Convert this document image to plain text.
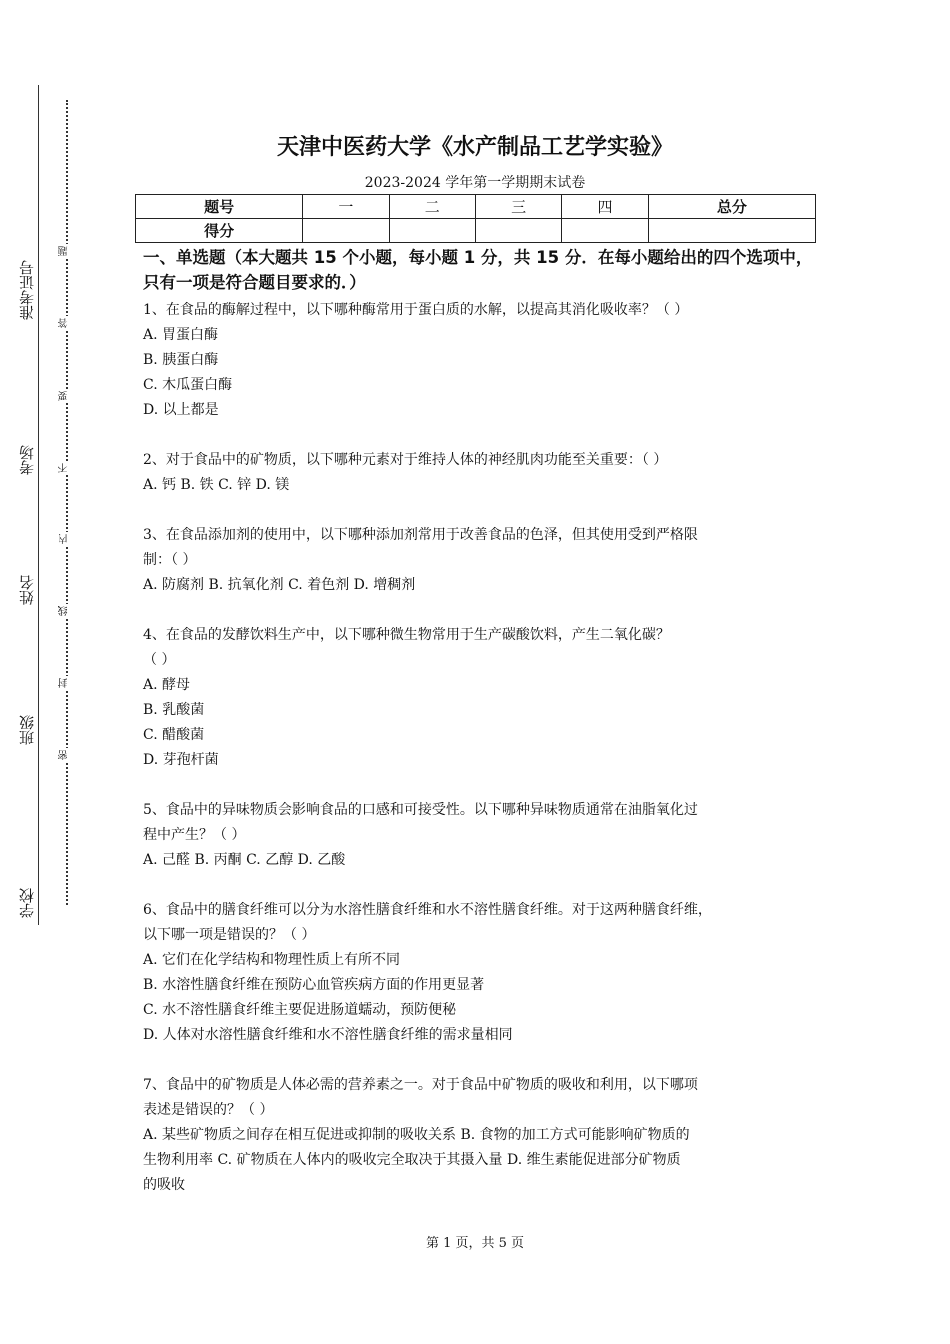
准考证号
考场
姓名
班级
学校
题
答
要
不
内
线
封
密
天津中医药大学《水产制品工艺学实验》
2023-2024 学年第一学期期末试卷
题号	一	二	三	四	总分
得分					
一、单选题（本大题共 15 个小题，每小题 1 分，共 15 分．在每小题给出的四个选项中，只有一项是符合题目要求的．）
1、在食品的酶解过程中，以下哪种酶常用于蛋白质的水解，以提高其消化吸收率？（ ）
A. 胃蛋白酶
B. 胰蛋白酶
C. 木瓜蛋白酶
D. 以上都是
2、对于食品中的矿物质，以下哪种元素对于维持人体的神经肌肉功能至关重要：（ ）
A. 钙 B. 铁 C. 锌 D. 镁
3、在食品添加剂的使用中，以下哪种添加剂常用于改善食品的色泽，但其使用受到严格限
制：（ ）
A. 防腐剂 B. 抗氧化剂 C. 着色剂 D. 增稠剂
4、在食品的发酵饮料生产中，以下哪种微生物常用于生产碳酸饮料，产生二氧化碳？
（ ）
A. 酵母
B. 乳酸菌
C. 醋酸菌
D. 芽孢杆菌
5、食品中的异味物质会影响食品的口感和可接受性。以下哪种异味物质通常在油脂氧化过
程中产生？（ ）
A. 己醛 B. 丙酮 C. 乙醇 D. 乙酸
6、食品中的膳食纤维可以分为水溶性膳食纤维和水不溶性膳食纤维。对于这两种膳食纤维，
以下哪一项是错误的？（ ）
A. 它们在化学结构和物理性质上有所不同
B. 水溶性膳食纤维在预防心血管疾病方面的作用更显著
C. 水不溶性膳食纤维主要促进肠道蠕动，预防便秘
D. 人体对水溶性膳食纤维和水不溶性膳食纤维的需求量相同
7、食品中的矿物质是人体必需的营养素之一。对于食品中矿物质的吸收和利用，以下哪项
表述是错误的？（ ）
A. 某些矿物质之间存在相互促进或抑制的吸收关系 B. 食物的加工方式可能影响矿物质的
生物利用率 C. 矿物质在人体内的吸收完全取决于其摄入量 D. 维生素能促进部分矿物质
的吸收
第 1 页，共 5 页
